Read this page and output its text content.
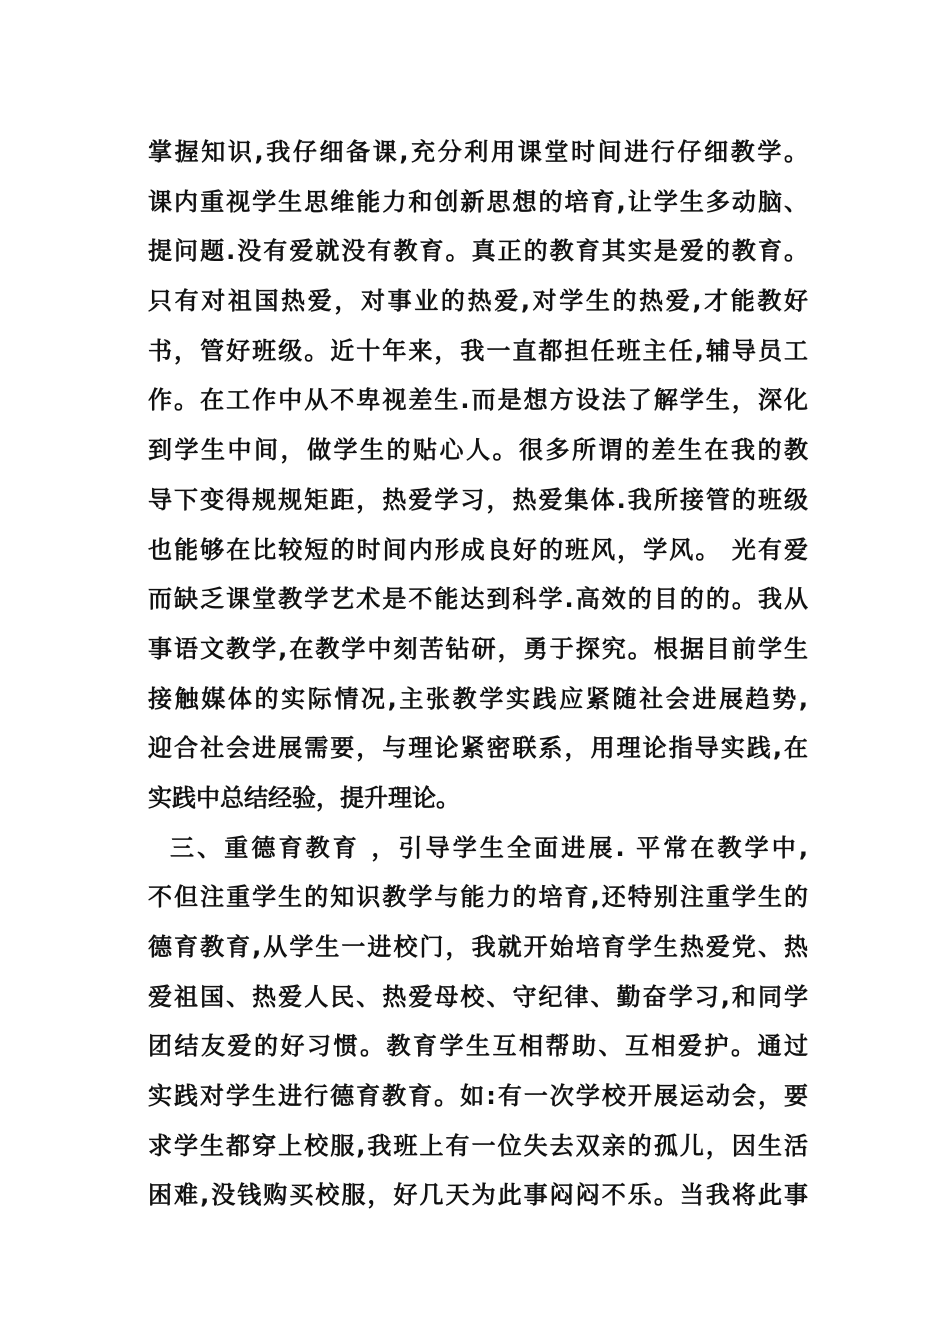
掌握知识,我仔细备课,充分利用课堂时间进行仔细教学。
课内重视学生思维能力和创新思想的培育,让学生多动脑、
提问题.没有爱就没有教育。真正的教育其实是爱的教育。
只有对祖国热爱，对事业的热爱,对学生的热爱,才能教好
书，管好班级。近十年来，我一直都担任班主任,辅导员工
作。在工作中从不卑视差生.而是想方设法了解学生，深化
到学生中间，做学生的贴心人。很多所谓的差生在我的教
导下变得规规矩距，热爱学习，热爱集体.我所接管的班级
也能够在比较短的时间内形成良好的班风，学风。 光有爱
而缺乏课堂教学艺术是不能达到科学.高效的目的的。我从
事语文教学,在教学中刻苦钻研，勇于探究。根据目前学生
接触媒体的实际情况,主张教学实践应紧随社会进展趋势,
迎合社会进展需要，与理论紧密联系，用理论指导实践,在
实践中总结经验，提升理论。
三、重德育教育 ，引导学生全面进展. 平常在教学中,
不但注重学生的知识教学与能力的培育,还特别注重学生的
德育教育,从学生一进校门，我就开始培育学生热爱党、热
爱祖国、热爱人民、热爱母校、守纪律、勤奋学习,和同学
团结友爱的好习惯。教育学生互相帮助、互相爱护。通过
实践对学生进行德育教育。如:有一次学校开展运动会，要
求学生都穿上校服,我班上有一位失去双亲的孤儿，因生活
困难,没钱购买校服，好几天为此事闷闷不乐。当我将此事
